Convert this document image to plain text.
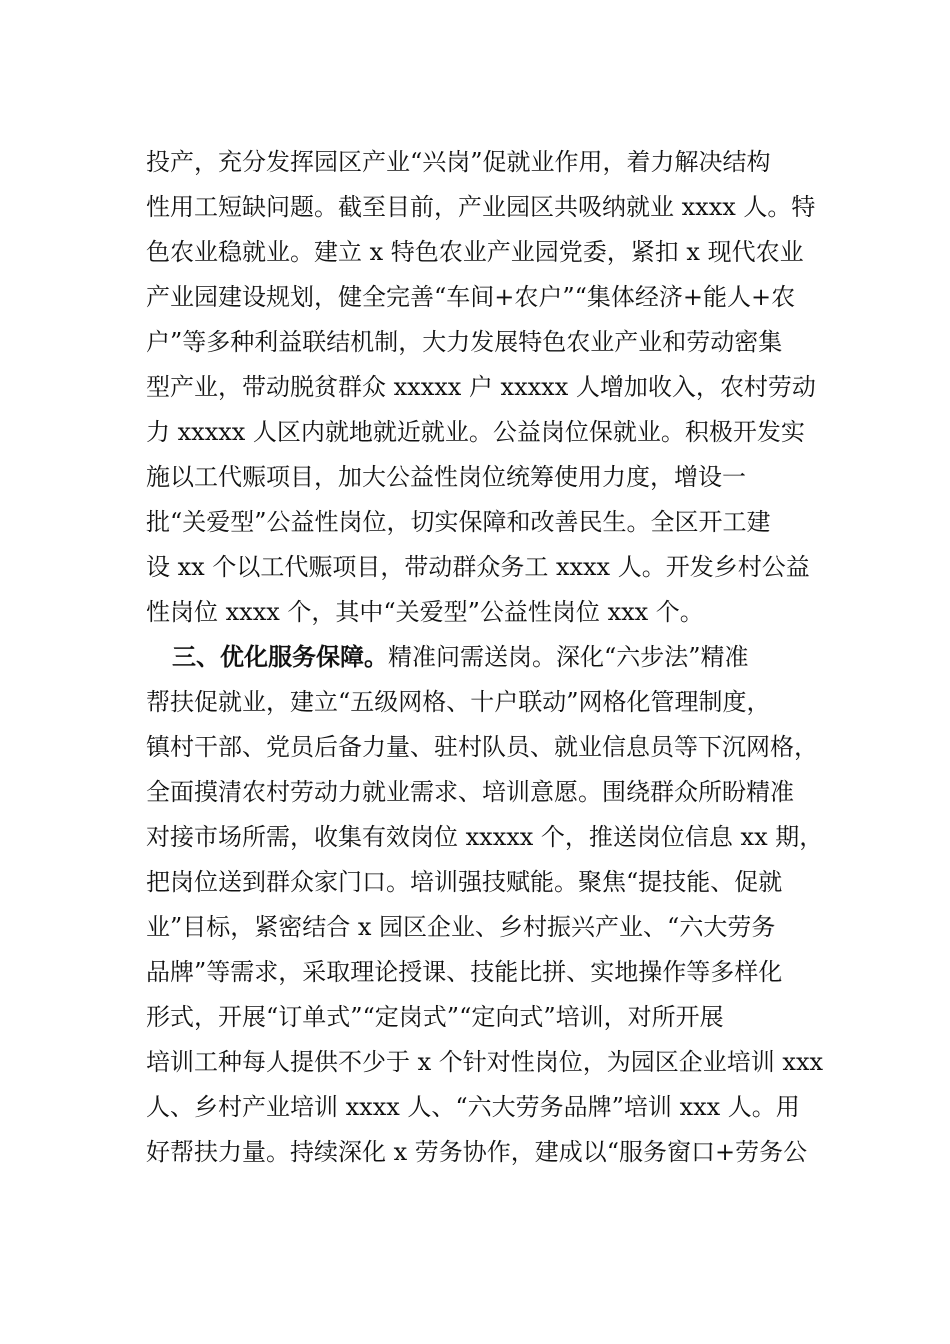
投产，充分发挥园区产业“兴岗”促就业作用，着力解决结构
性用工短缺问题。截至目前，产业园区共吸纳就业 xxxx 人。特
色农业稳就业。建立 x 特色农业产业园党委，紧扣 x 现代农业
产业园建设规划，健全完善“车间+农户”“集体经济+能人+农
户”等多种利益联结机制，大力发展特色农业产业和劳动密集
型产业，带动脱贫群众 xxxxx 户 xxxxx 人增加收入，农村劳动
力 xxxxx 人区内就地就近就业。公益岗位保就业。积极开发实
施以工代赈项目，加大公益性岗位统筹使用力度，增设一
批“关爱型”公益性岗位，切实保障和改善民生。全区开工建
设 xx 个以工代赈项目，带动群众务工 xxxx 人。开发乡村公益
性岗位 xxxx 个，其中“关爱型”公益性岗位 xxx 个。
三、优化服务保障。精准问需送岗。深化“六步法”精准
帮扶促就业，建立“五级网格、十户联动”网格化管理制度，
镇村干部、党员后备力量、驻村队员、就业信息员等下沉网格，
全面摸清农村劳动力就业需求、培训意愿。围绕群众所盼精准
对接市场所需，收集有效岗位 xxxxx 个，推送岗位信息 xx 期，
把岗位送到群众家门口。培训强技赋能。聚焦“提技能、促就
业”目标，紧密结合 x 园区企业、乡村振兴产业、“六大劳务
品牌”等需求，采取理论授课、技能比拼、实地操作等多样化
形式，开展“订单式”“定岗式”“定向式”培训，对所开展
培训工种每人提供不少于 x 个针对性岗位，为园区企业培训 xxx
人、乡村产业培训 xxxx 人、“六大劳务品牌”培训 xxx 人。用
好帮扶力量。持续深化 x 劳务协作，建成以“服务窗口+劳务公
